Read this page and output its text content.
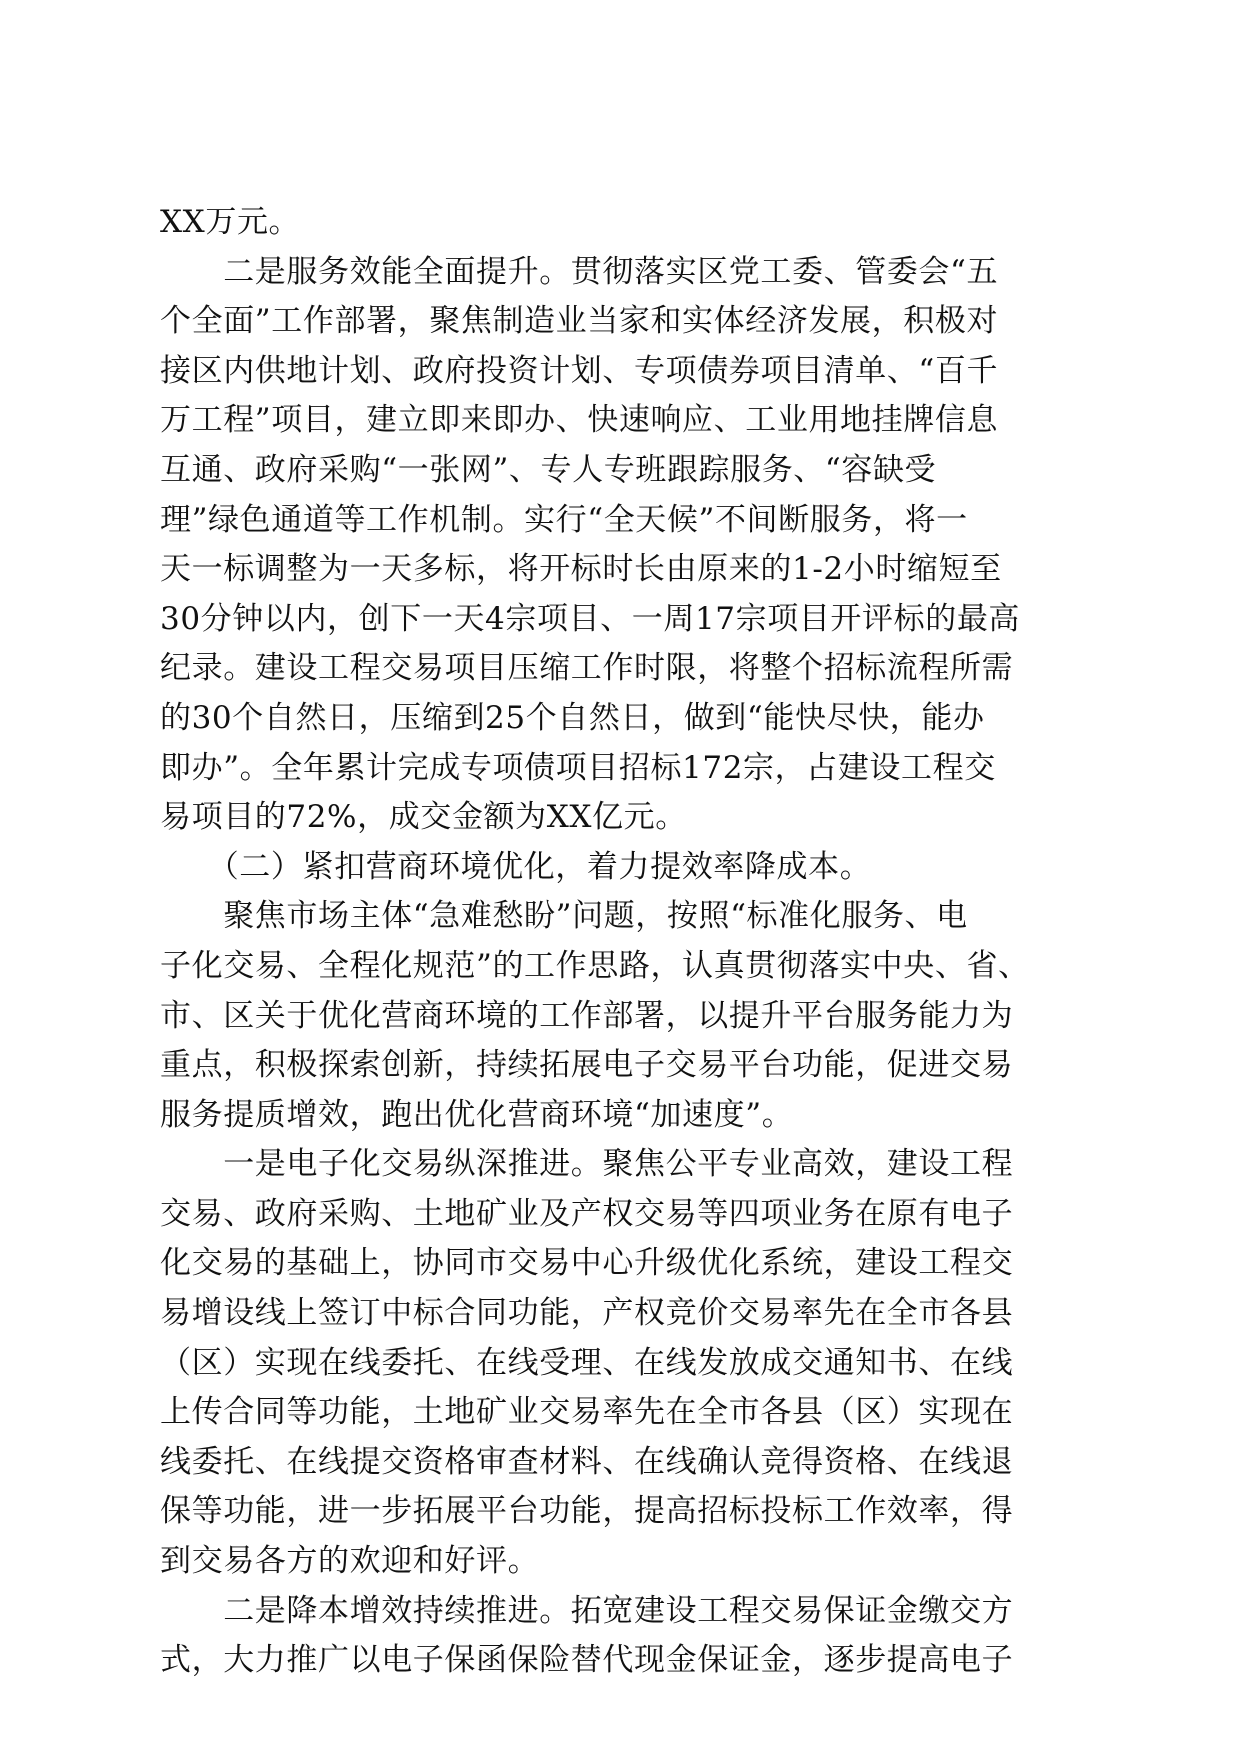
XX万元。
　　二是服务效能全面提升。贯彻落实区党工委、管委会“五
个全面”工作部署，聚焦制造业当家和实体经济发展，积极对
接区内供地计划、政府投资计划、专项债券项目清单、“百千
万工程”项目，建立即来即办、快速响应、工业用地挂牌信息
互通、政府采购“一张网”、专人专班跟踪服务、“容缺受
理”绿色通道等工作机制。实行“全天候”不间断服务，将一
天一标调整为一天多标，将开标时长由原来的1-2小时缩短至
30分钟以内，创下一天4宗项目、一周17宗项目开评标的最高
纪录。建设工程交易项目压缩工作时限，将整个招标流程所需
的30个自然日，压缩到25个自然日，做到“能快尽快，能办
即办”。全年累计完成专项债项目招标172宗，占建设工程交
易项目的72%，成交金额为XX亿元。
　　（二）紧扣营商环境优化，着力提效率降成本。
　　聚焦市场主体“急难愁盼”问题，按照“标准化服务、电
子化交易、全程化规范”的工作思路，认真贯彻落实中央、省、
市、区关于优化营商环境的工作部署，以提升平台服务能力为
重点，积极探索创新，持续拓展电子交易平台功能，促进交易
服务提质增效，跑出优化营商环境“加速度”。
　　一是电子化交易纵深推进。聚焦公平专业高效，建设工程
交易、政府采购、土地矿业及产权交易等四项业务在原有电子
化交易的基础上，协同市交易中心升级优化系统，建设工程交
易增设线上签订中标合同功能，产权竞价交易率先在全市各县
（区）实现在线委托、在线受理、在线发放成交通知书、在线
上传合同等功能，土地矿业交易率先在全市各县（区）实现在
线委托、在线提交资格审查材料、在线确认竞得资格、在线退
保等功能，进一步拓展平台功能，提高招标投标工作效率，得
到交易各方的欢迎和好评。
　　二是降本增效持续推进。拓宽建设工程交易保证金缴交方
式，大力推广以电子保函保险替代现金保证金，逐步提高电子
